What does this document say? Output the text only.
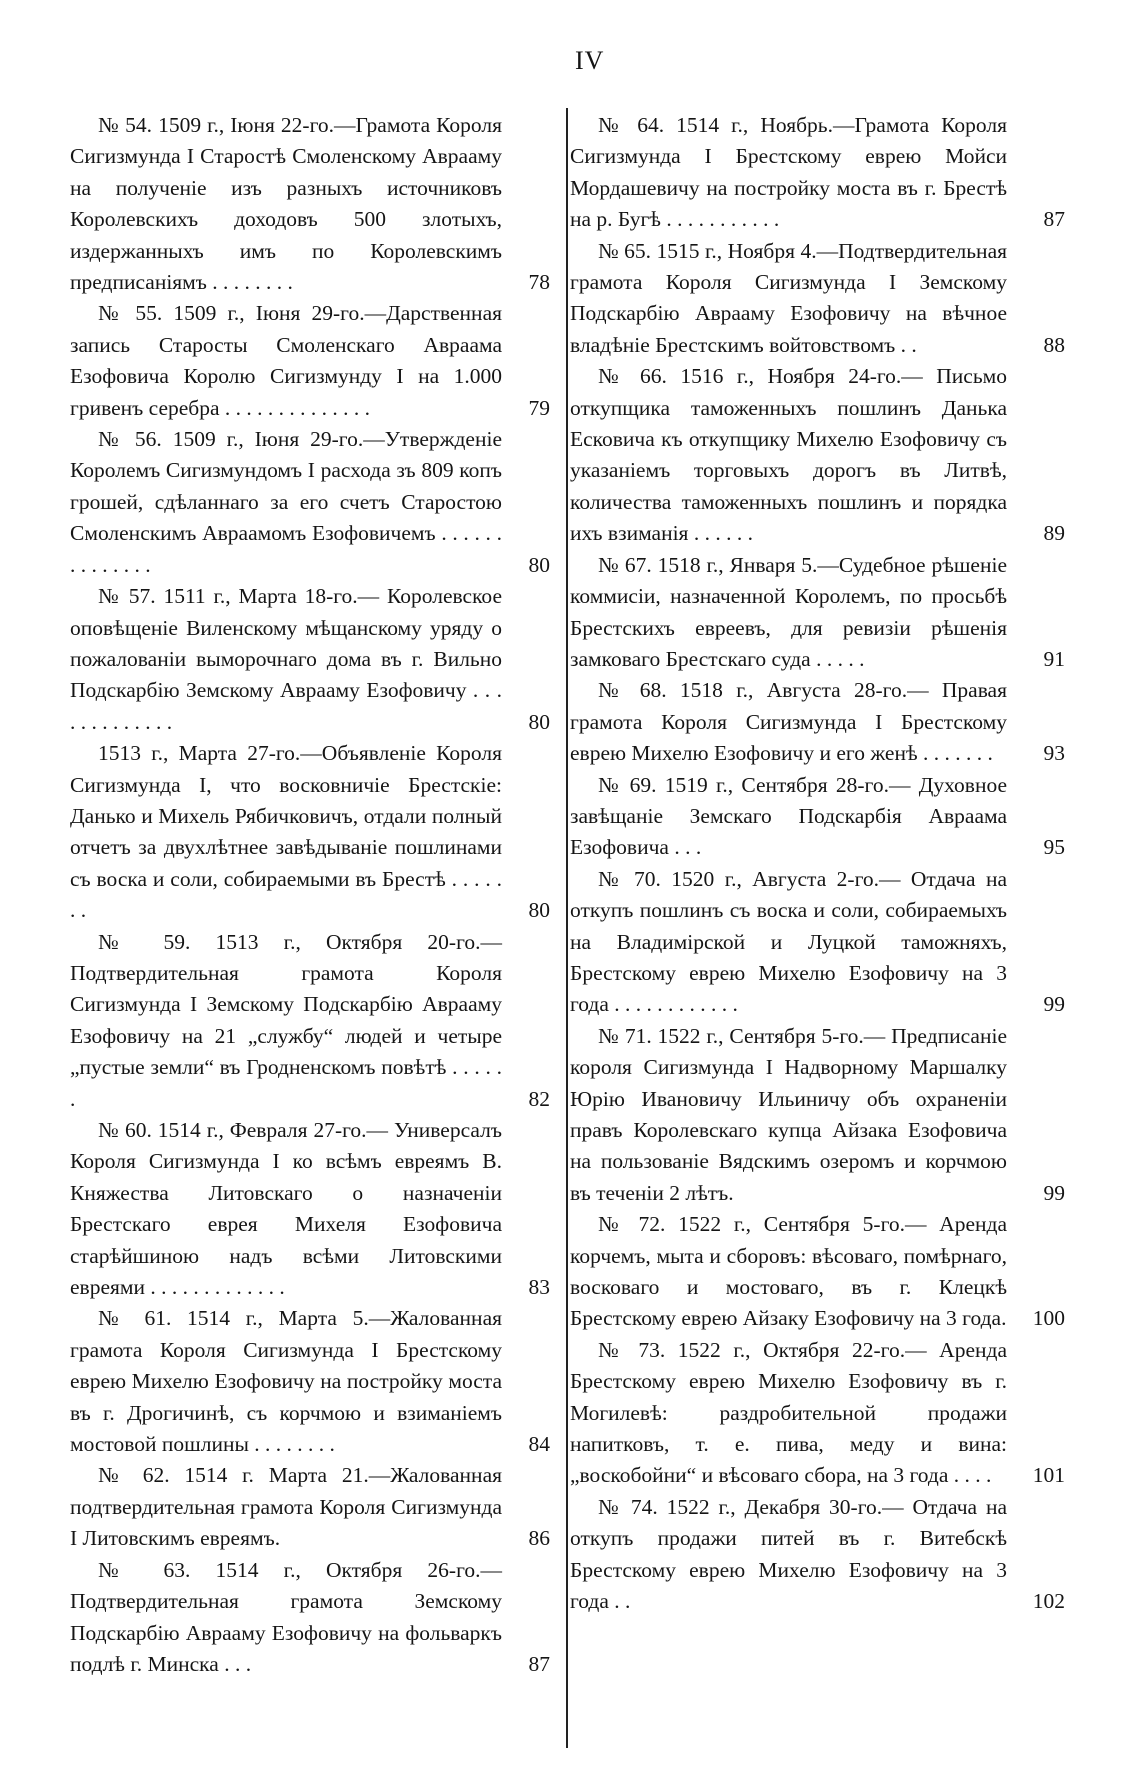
IV
№ 54. 1509 г., Іюня 22-го.—Грамота Короля Сигизмунда I Старостѣ Смоленскому Аврааму на полученіе изъ разныхъ источниковъ Королевскихъ доходовъ 500 злотыхъ, издержанныхъ имъ по Королевскимъ предписаніямъ . . . . . . . .	78
№ 55. 1509 г., Іюня 29-го.—Дарственная запись Старосты Смоленскаго Авраама Езофовича Королю Сигизмунду I на 1.000 гривенъ серебра . . . . . . . . . . . . . .	79
№ 56. 1509 г., Іюня 29-го.—Утвержденіе Королемъ Сигизмундомъ I расхода зъ 809 копъ грошей, сдѣланнаго за его счетъ Старостою Смоленскимъ Авраамомъ Езофовичемъ . . . . . . . . . . . . . .	80
№ 57. 1511 г., Марта 18-го.— Королевское оповѣщеніе Виленскому мѣщанскому уряду о пожалованіи выморочнаго дома въ г. Вильно Подскарбію Земскому Аврааму Езофовичу . . . . . . . . . . . . .	80
1513 г., Марта 27-го.—Объявленіе Короля Сигизмунда I, что восковничіе Брестскіе: Данько и Михель Рябичковичъ, отдали полный отчетъ за двухлѣтнее завѣдываніе пошлинами съ воска и соли, собираемыми въ Брестѣ . . . . . . .	80
№ 59. 1513 г., Октября 20-го.— Подтвердительная грамота Короля Сигизмунда I Земскому Подскарбію Аврааму Езофовичу на 21 „службу“ людей и четыре „пустые земли“ въ Гродненскомъ повѣтѣ . . . . . .	82
№ 60. 1514 г., Февраля 27-го.— Универсалъ Короля Сигизмунда I ко всѣмъ евреямъ В. Княжества Литовскаго о назначеніи Брестскаго еврея Михеля Езофовича старѣйшиною надъ всѣми Литовскими евреями . . . . . . . . . . . . .	83
№ 61. 1514 г., Марта 5.—Жалованная грамота Короля Сигизмунда I Брестскому еврею Михелю Езофовичу на постройку моста въ г. Дрогичинѣ, съ корчмою и взиманіемъ мостовой пошлины . . . . . . . .	84
№ 62. 1514 г. Марта 21.—Жалованная подтвердительная грамота Короля Сигизмунда I Литовскимъ евреямъ.	86
№ 63. 1514 г., Октября 26-го.— Подтвердительная грамота Земскому Подскарбію Аврааму Езофовичу на фольваркъ подлѣ г. Минска . . .	87
№ 64. 1514 г., Ноябрь.—Грамота Короля Сигизмунда I Брестскому еврею Мойси Мордашевичу на постройку моста въ г. Брестѣ на р. Бугѣ . . . . . . . . . . .	87
№ 65. 1515 г., Ноября 4.—Подтвердительная грамота Короля Сигизмунда I Земскому Подскарбію Аврааму Езофовичу на вѣчное владѣніе Брестскимъ войтовствомъ . .	88
№ 66. 1516 г., Ноября 24-го.— Письмо откупщика таможенныхъ пошлинъ Данька Есковича къ откупщику Михелю Езофовичу съ указаніемъ торговыхъ дорогъ въ Литвѣ, количества таможенныхъ пошлинъ и порядка ихъ взиманія . . . . . .	89
№ 67. 1518 г., Января 5.—Судебное рѣшеніе коммисіи, назначенной Королемъ, по просьбѣ Брестскихъ евреевъ, для ревизіи рѣшенія замковаго Брестскаго суда . . . . .	91
№ 68. 1518 г., Августа 28-го.— Правая грамота Короля Сигизмунда I Брестскому еврею Михелю Езофовичу и его женѣ . . . . . . .	93
№ 69. 1519 г., Сентября 28-го.— Духовное завѣщаніе Земскаго Подскарбія Авраама Езофовича . . .	95
№ 70. 1520 г., Августа 2-го.— Отдача на откупъ пошлинъ съ воска и соли, собираемыхъ на Владимірской и Луцкой таможняхъ, Брестскому еврею Михелю Езофовичу на 3 года . . . . . . . . . . . .	99
№ 71. 1522 г., Сентября 5-го.— Предписаніе короля Сигизмунда I Надворному Маршалку Юрію Ивановичу Ильиничу объ охраненіи правъ Королевскаго купца Айзака Езофовича на пользованіе Вядскимъ озеромъ и корчмою въ теченіи 2 лѣтъ.	99
№ 72. 1522 г., Сентября 5-го.— Аренда корчемъ, мыта и сборовъ: вѣсоваго, помѣрнаго, восковаго и мостоваго, въ г. Клецкѣ Брестскому еврею Айзаку Езофовичу на 3 года.	100
№ 73. 1522 г., Октября 22-го.— Аренда Брестскому еврею Михелю Езофовичу въ г. Могилевѣ: раздробительной продажи напитковъ, т. е. пива, меду и вина: „воскобойни“ и вѣсоваго сбора, на 3 года . . . .	101
№ 74. 1522 г., Декабря 30-го.— Отдача на откупъ продажи питей въ г. Витебскѣ Брестскому еврею Михелю Езофовичу на 3 года . .	102
